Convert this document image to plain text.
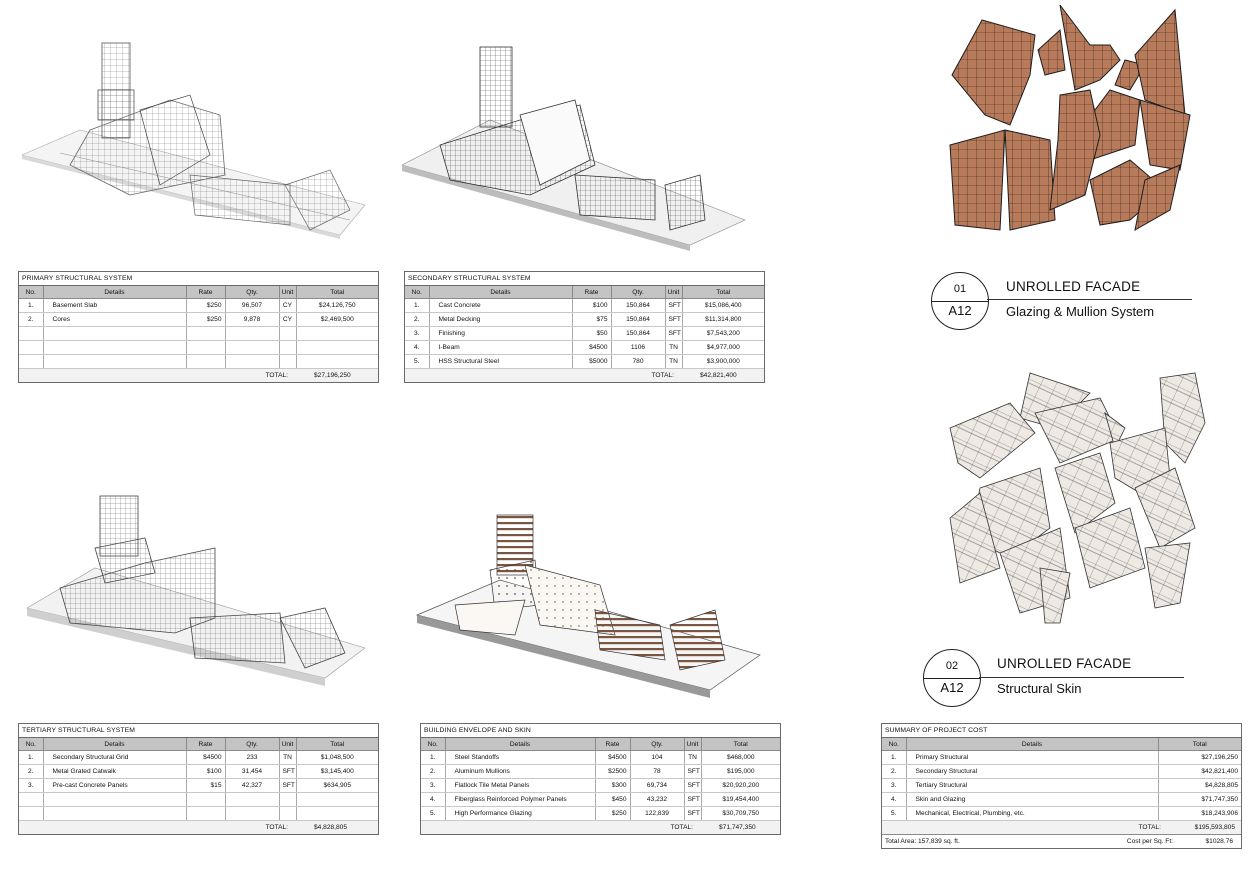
01
A12
UNROLLED FACADE
Glazing & Mullion System
02
A12
UNROLLED FACADE
Structural Skin
PRIMARY STRUCTURAL SYSTEM
No.	Details	Rate	Qty.	Unit	Total
1.	Basement Slab	$250	96,507	CY	$24,126,750
2.	Cores	$250	9,878	CY	$2,469,500

TOTAL:	$27,196,250
SECONDARY STRUCTURAL SYSTEM
No.	Details	Rate	Qty.	Unit	Total
1.	Cast Concrete	$100	150,864	SFT	$15,086,400
2.	Metal Decking	$75	150,864	SFT	$11,314,800
3.	Finishing	$50	150,864	SFT	$7,543,200
4.	I-Beam	$4500	1106	TN	$4,977,000
5.	HSS Structural Steel	$5000	780	TN	$3,900,000
TOTAL:	$42,821,400
TERTIARY STRUCTURAL SYSTEM
No.	Details	Rate	Qty.	Unit	Total
1.	Secondary Structural Grid	$4500	233	TN	$1,048,500
2.	Metal Grated Catwalk	$100	31,454	SFT	$3,145,400
3.	Pre-cast Concrete Panels	$15	42,327	SFT	$634,905

TOTAL:	$4,828,805
BUILDING ENVELOPE AND SKIN
No.	Details	Rate	Qty.	Unit	Total
1.	Steel Standoffs	$4500	104	TN	$468,000
2.	Aluminum Mullions	$2500	78	SFT	$195,000
3.	Flatlock Tile Metal Panels	$300	69,734	SFT	$20,920,200
4.	Fiberglass Reinforced Polymer Panels	$450	43,232	SFT	$19,454,400
5.	High Performance Glazing	$250	122,839	SFT	$30,709,750
TOTAL:	$71,747,350
SUMMARY OF PROJECT COST
No.	Details	Total
1.	Primary Structural	$27,196,250
2.	Secondary Structural	$42,821,400
3.	Tertiary Structural	$4,828,805
4.	Skin and Glazing	$71,747,350
5.	Mechanical, Electrical, Plumbing, etc.	$18,243,906
TOTAL:	$195,593,805
Total Area: 157,839 sq. ft.	Cost per Sq. Ft:	$1028.76
